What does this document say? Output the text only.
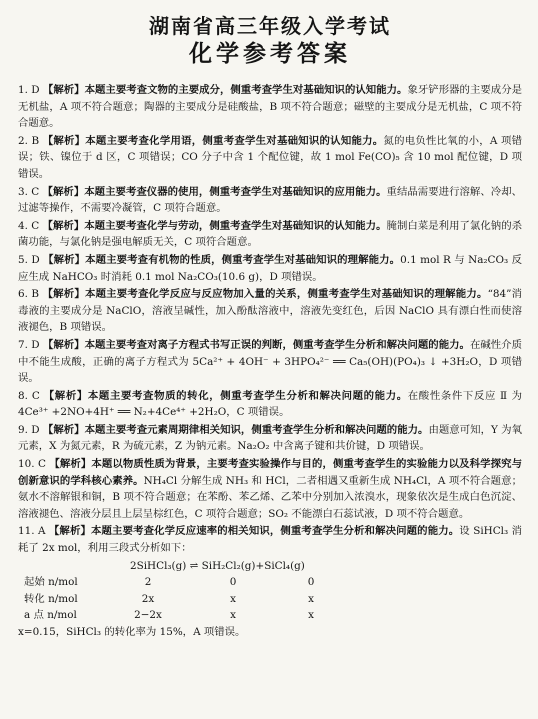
湖南省高三年级入学考试
化学参考答案

1. D 【解析】本题主要考查文物的主要成分，侧重考查学生对基础知识的认知能力。象牙铲形器的主要成分是无机盐，A 项不符合题意；陶器的主要成分是硅酸盐，B 项不符合题意；磁壁的主要成分是无机盐，C 项不符合题意。

2. B 【解析】本题主要考查化学用语，侧重考查学生对基础知识的认知能力。氮的电负性比氧的小，A 项错误；铁、镍位于 d 区，C 项错误；CO 分子中含 1 个配位键，故 1 mol Fe(CO)₅ 含 10 mol 配位键，D 项错误。

3. C 【解析】本题主要考查仪器的使用，侧重考查学生对基础知识的应用能力。重结晶需要进行溶解、冷却、过滤等操作，不需要冷凝管，C 项符合题意。

4. C 【解析】本题主要考查化学与劳动，侧重考查学生对基础知识的认知能力。腌制白菜是利用了氯化钠的杀菌功能，与氯化钠是强电解质无关，C 项符合题意。

5. D 【解析】本题主要考查有机物的性质，侧重考查学生对基础知识的理解能力。0.1 mol R 与 Na₂CO₃ 反应生成 NaHCO₃ 时消耗 0.1 mol Na₂CO₃(10.6 g)，D 项错误。

6. B 【解析】本题主要考查化学反应与反应物加入量的关系，侧重考查学生对基础知识的理解能力。“84”消毒液的主要成分是 NaClO，溶液呈碱性，加入酚酞溶液中，溶液先变红色，后因 NaClO 具有漂白性而使溶液褪色，B 项错误。

7. D 【解析】本题主要考查对离子方程式书写正误的判断，侧重考查学生分析和解决问题的能力。在碱性介质中不能生成酸，正确的离子方程式为 5Ca²⁺ + 4OH⁻ + 3HPO₄²⁻ ══ Ca₅(OH)(PO₄)₃ ↓ +3H₂O，D 项错误。

8. C 【解析】本题主要考查物质的转化，侧重考查学生分析和解决问题的能力。在酸性条件下反应 Ⅱ 为 4Ce³⁺ +2NO+4H⁺ ══ N₂+4Ce⁴⁺ +2H₂O，C 项错误。

9. D 【解析】本题主要考查元素周期律相关知识，侧重考查学生分析和解决问题的能力。由题意可知，Y 为氧元素，X 为氮元素，R 为硫元素，Z 为钠元素。Na₂O₂ 中含离子键和共价键，D 项错误。

10. C 【解析】本题以物质性质为背景，主要考查实验操作与目的，侧重考查学生的实验能力以及科学探究与创新意识的学科核心素养。NH₄Cl 分解生成 NH₃ 和 HCl，二者相遇又重新生成 NH₄Cl，A 项不符合题意；氨水不溶解银和铜，B 项不符合题意；在苯酚、苯乙烯、乙苯中分别加入浓溴水，现象依次是生成白色沉淀、溶液褪色、溶液分层且上层呈棕红色，C 项符合题意；SO₂ 不能漂白石蕊试液，D 项不符合题意。

11. A 【解析】本题主要考查化学反应速率的相关知识，侧重考查学生分析和解决问题的能力。设 SiHCl₃ 消耗了 2x mol，利用三段式分析如下：

2SiHCl₃(g) ⇌ SiH₂Cl₂(g)+SiCl₄(g)
起始 n/mol	2	0	0
转化 n/mol	2x	x	x
a 点 n/mol	2−2x	x	x
x=0.15，SiHCl₃ 的转化率为 15%，A 项错误。
